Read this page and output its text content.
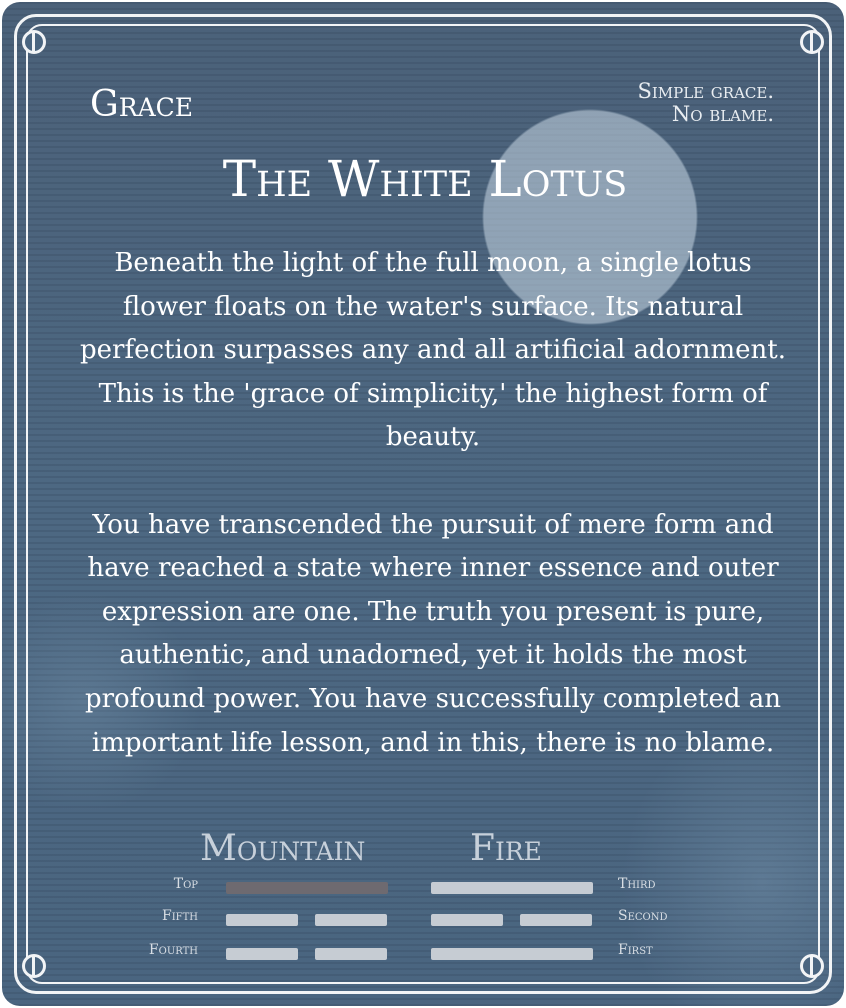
Grace	Simple grace.
No blame.
The White Lotus

Beneath the light of the full moon, a single lotus flower floats on the water's surface. Its natural perfection surpasses any and all artificial adornment. This is the 'grace of simplicity,' the highest form of beauty.

You have transcended the pursuit of mere form and have reached a state where inner essence and outer expression are one. The truth you present is pure, authentic, and unadorned, yet it holds the most profound power. You have successfully completed an important life lesson, and in this, there is no blame.

Mountain	Fire
Top
Fifth
Fourth
Third
Second
First
